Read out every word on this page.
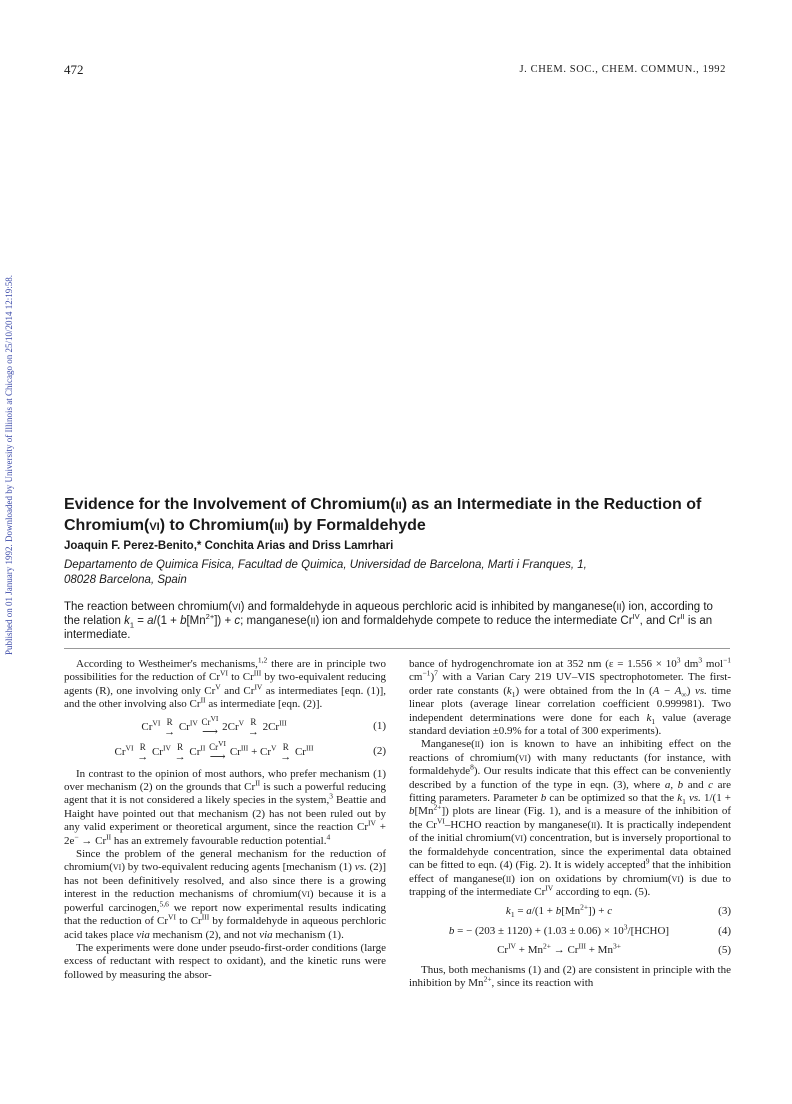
472	J. CHEM. SOC., CHEM. COMMUN., 1992
Published on 01 January 1992. Downloaded by University of Illinois at Chicago on 25/10/2014 12:19:58.	Evidence for the Involvement of Chromium(II) as an Intermediate in the Reduction of Chromium(VI) to Chromium(III) by Formaldehyde
Joaquin F. Perez-Benito,* Conchita Arias and Driss Lamrhari
Departamento de Quimica Fisica, Facultad de Quimica, Universidad de Barcelona, Marti i Franques, 1,
08028 Barcelona, Spain
The reaction between chromium(VI) and formaldehyde in aqueous perchloric acid is inhibited by manganese(II) ion, according to the relation $k_1 = a/(1 + b[Mn^{2+}]) + c$; manganese(II) ion and formaldehyde compete to reduce the intermediate $Cr^{IV}$, and $Cr^{II}$ is an intermediate.

According to Westheimer's mechanisms,$^{1,2}$ there are in principle two possibilities for the reduction of $Cr^{VI}$ to $Cr^{III}$ by two-equivalent reducing agents (R), one involving only $Cr^V$ and $Cr^{IV}$ as intermediates [eqn. (1)], and the other involving also $Cr^{II}$ as intermediate [eqn. (2)].

$Cr^{VI}$ R
→ $Cr^{IV}$ $Cr^{VI}$
⟶ $2Cr^V$ R
→ $2Cr^{III}$	(1)
$Cr^{VI}$ R
→ $Cr^{IV}$ R
→ $Cr^{II}$ $Cr^{VI}$
⟶ $Cr^{III} + Cr^V$ R
→ $Cr^{III}$	(2)

In contrast to the opinion of most authors, who prefer mechanism (1) over mechanism (2) on the grounds that $Cr^{II}$ is such a powerful reducing agent that it is not considered a likely species in the system,$^3$ Beattie and Haight have pointed out that mechanism (2) has not been ruled out by any valid experiment or theoretical argument, since the reaction $Cr^{IV} + 2e^- \to Cr^{II}$ has an extremely favourable reduction potential.$^4$

Since the problem of the general mechanism for the reduction of chromium(VI) by two-equivalent reducing agents [mechanism (1) vs. (2)] has not been definitively resolved, and also since there is a growing interest in the reduction mechanisms of chromium(VI) because it is a powerful carcinogen,$^{5,6}$ we report now experimental results indicating that the reduction of $Cr^{VI}$ to $Cr^{III}$ by formaldehyde in aqueous perchloric acid takes place via mechanism (2), and not via mechanism (1).

The experiments were done under pseudo-first-order conditions (large excess of reductant with respect to oxidant), and the kinetic runs were followed by measuring the absor-

bance of hydrogenchromate ion at 352 nm ($\varepsilon = 1.556 \times 10^3$ $dm^3$ mol$^{-1}$ $cm^{-1})^7$ with a Varian Cary 219 UV–VIS spectrophotometer. The first-order rate constants $(k_1)$ were obtained from the $\ln (A - A_\infty)$ vs. time linear plots (average linear correlation coefficient 0.999981). Two independent determinations were done for each $k_1$ value (average standard deviation ±0.9% for a total of 300 experiments).

Manganese(II) ion is known to have an inhibiting effect on the reactions of chromium(VI) with many reductants (for instance, with formaldehyde$^8$). Our results indicate that this effect can be conveniently described by a function of the type in eqn. (3), where a, b and c are fitting parameters. Parameter b can be optimized so that the $k_1$ vs. $1/(1 + b[Mn^{2+}])$ plots are linear (Fig. 1), and is a measure of the inhibition of the $Cr^{VI}$–HCHO reaction by manganese(II). It is practically independent of the initial chromium(VI) concentration, but is inversely proportional to the formaldehyde concentration, since the experimental data obtained can be fitted to eqn. (4) (Fig. 2). It is widely accepted$^9$ that the inhibition effect of manganese(II) ion on oxidations by chromium(VI) is due to trapping of the intermediate $Cr^{IV}$ according to eqn. (5).

$k_1 = a/(1 + b[Mn^{2+}]) + c$	(3)
b = − $(203 \pm 1120) + (1.03 \pm 0.06) \times 10^3/[HCHO]$	(4)
$Cr^{IV} + Mn^{2+} \to Cr^{III} + Mn^{3+}$	(5)

Thus, both mechanisms (1) and (2) are consistent in principle with the inhibition by $Mn^{2+}$, since its reaction with
